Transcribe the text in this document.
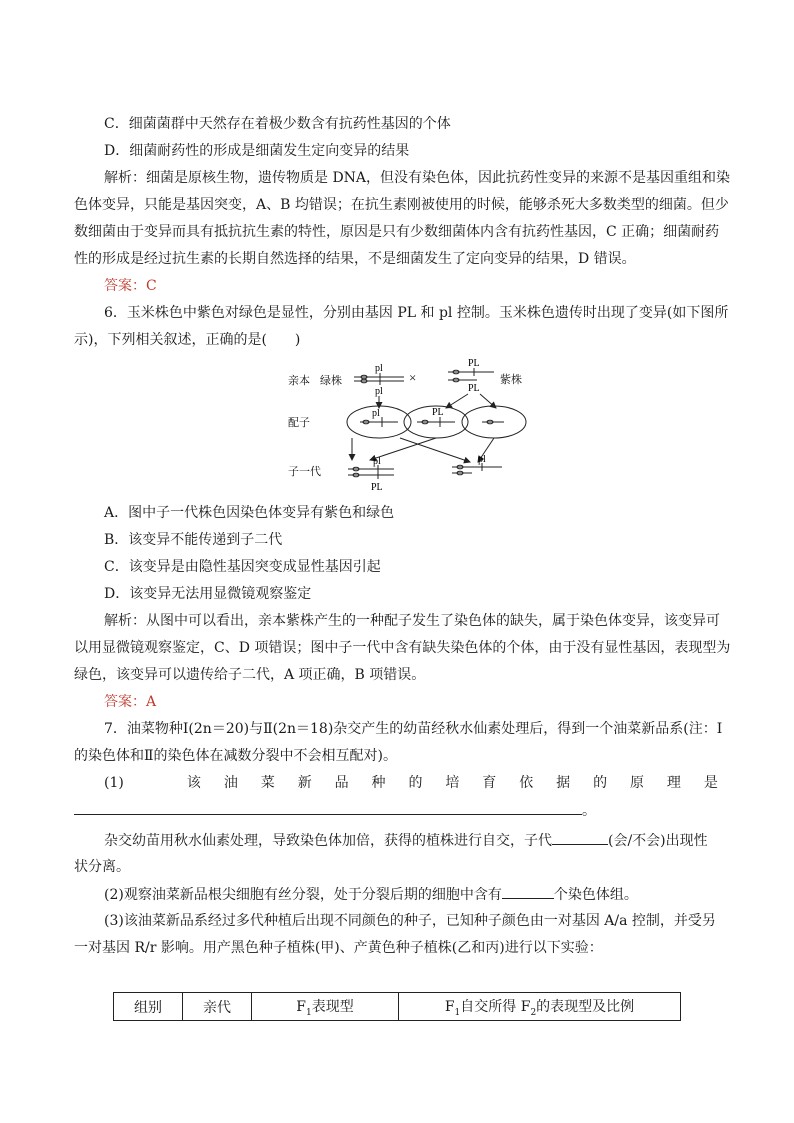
C．细菌菌群中天然存在着极少数含有抗药性基因的个体
D．细菌耐药性的形成是细菌发生定向变异的结果
解析：细菌是原核生物，遗传物质是 DNA，但没有染色体，因此抗药性变异的来源不是基因重组和染
色体变异，只能是基因突变，A、B 均错误；在抗生素刚被使用的时候，能够杀死大多数类型的细菌。但少
数细菌由于变异而具有抵抗抗生素的特性，原因是只有少数细菌体内含有抗药性基因，C 正确；细菌耐药
性的形成是经过抗生素的长期自然选择的结果，不是细菌发生了定向变异的结果，D 错误。
答案：C
6．玉米株色中紫色对绿色是显性，分别由基因 PL 和 pl 控制。玉米株色遗传时出现了变异(如下图所
示)，下列相关叙述，正确的是(　　)
亲本 绿株	紫株
配子
子一代
×
pl
pl
PL
PL
pl	PL
pl
PL
pl
A．图中子一代株色因染色体变异有紫色和绿色
B．该变异不能传递到子二代
C．该变异是由隐性基因突变成显性基因引起
D．该变异无法用显微镜观察鉴定
解析：从图中可以看出，亲本紫株产生的一种配子发生了染色体的缺失，属于染色体变异，该变异可
以用显微镜观察鉴定，C、D 项错误；图中子一代中含有缺失染色体的个体，由于没有显性基因，表现型为
绿色，该变异可以遗传给子二代，A 项正确，B 项错误。
答案：A
7．油菜物种Ⅰ(2n＝20)与Ⅱ(2n＝18)杂交产生的幼苗经秋水仙素处理后，得到一个油菜新品系(注：Ⅰ
的染色体和Ⅱ的染色体在减数分裂中不会相互配对)。
(1)	该 油 菜 新 品 种 的 培 育 依 据 的 原 理 是
。
杂交幼苗用秋水仙素处理，导致染色体加倍，获得的植株进行自交，子代	(会/不会)出现性
状分离。
(2)观察油菜新品根尖细胞有丝分裂，处于分裂后期的细胞中含有	个染色体组。
(3)该油菜新品系经过多代种植后出现不同颜色的种子，已知种子颜色由一对基因 A/a 控制，并受另
一对基因 R/r 影响。用产黑色种子植株(甲)、产黄色种子植株(乙和丙)进行以下实验：
组别	亲代	$F_1$表现型	$F_1$自交所得 $F_2$的表现型及比例
